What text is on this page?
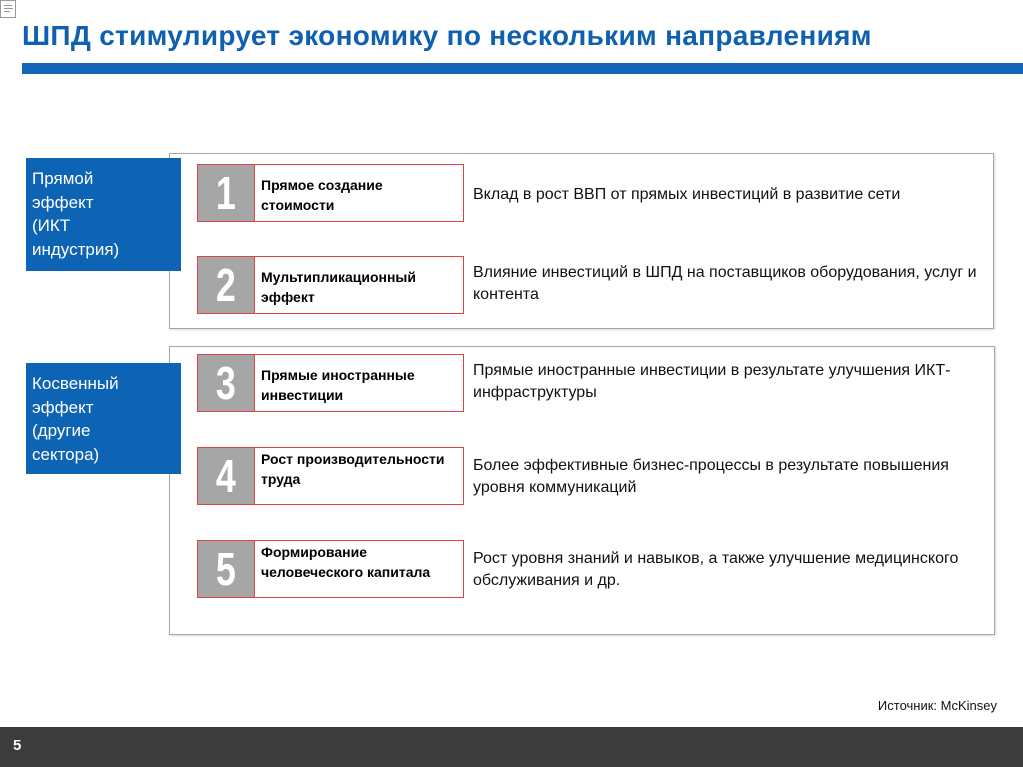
ШПД стимулирует экономику по нескольким направлениям
Прямой
эффект
(ИКТ
индустрия)
Косвенный
эффект
(другие
сектора)
1	Прямое создание стоимости
Вклад в рост ВВП от прямых инвестиций в развитие сети
2	Мультипликационный эффект
Влияние инвестиций в ШПД на поставщиков оборудования, услуг и контента
3	Прямые иностранные инвестиции
Прямые иностранные инвестиции в результате улучшения ИКТ-инфраструктуры
4	Рост производительности труда
Более эффективные бизнес-процессы в результате повышения уровня коммуникаций
5	Формирование человеческого капитала
Рост уровня знаний и навыков, а также улучшение медицинского обслуживания и др.
Источник: McKinsey
5
